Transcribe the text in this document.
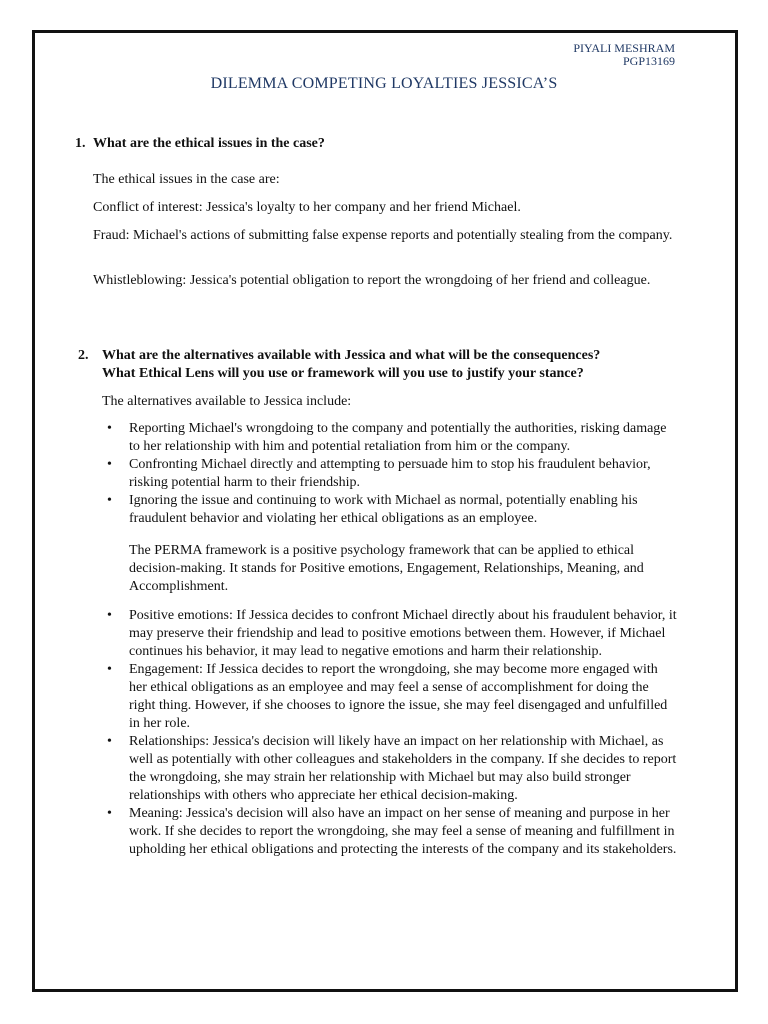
PIYALI MESHRAM
PGP13169
DILEMMA COMPETING LOYALTIES JESSICA’S
1. What are the ethical issues in the case?

The ethical issues in the case are:

Conflict of interest: Jessica's loyalty to her company and her friend Michael.

Fraud: Michael's actions of submitting false expense reports and potentially stealing from the company.

Whistleblowing: Jessica's potential obligation to report the wrongdoing of her friend and colleague.

2. What are the alternatives available with Jessica and what will be the consequences?
What Ethical Lens will you use or framework will you use to justify your stance?

The alternatives available to Jessica include:

• Reporting Michael's wrongdoing to the company and potentially the authorities, risking damage to her relationship with him and potential retaliation from him or the company.
• Confronting Michael directly and attempting to persuade him to stop his fraudulent behavior, risking potential harm to their friendship.
• Ignoring the issue and continuing to work with Michael as normal, potentially enabling his fraudulent behavior and violating her ethical obligations as an employee.

The PERMA framework is a positive psychology framework that can be applied to ethical decision-making. It stands for Positive emotions, Engagement, Relationships, Meaning, and Accomplishment.

• Positive emotions: If Jessica decides to confront Michael directly about his fraudulent behavior, it may preserve their friendship and lead to positive emotions between them. However, if Michael continues his behavior, it may lead to negative emotions and harm their relationship.
• Engagement: If Jessica decides to report the wrongdoing, she may become more engaged with her ethical obligations as an employee and may feel a sense of accomplishment for doing the right thing. However, if she chooses to ignore the issue, she may feel disengaged and unfulfilled in her role.
• Relationships: Jessica's decision will likely have an impact on her relationship with Michael, as well as potentially with other colleagues and stakeholders in the company. If she decides to report the wrongdoing, she may strain her relationship with Michael but may also build stronger relationships with others who appreciate her ethical decision-making.
• Meaning: Jessica's decision will also have an impact on her sense of meaning and purpose in her work. If she decides to report the wrongdoing, she may feel a sense of meaning and fulfillment in upholding her ethical obligations and protecting the interests of the company and its stakeholders.
